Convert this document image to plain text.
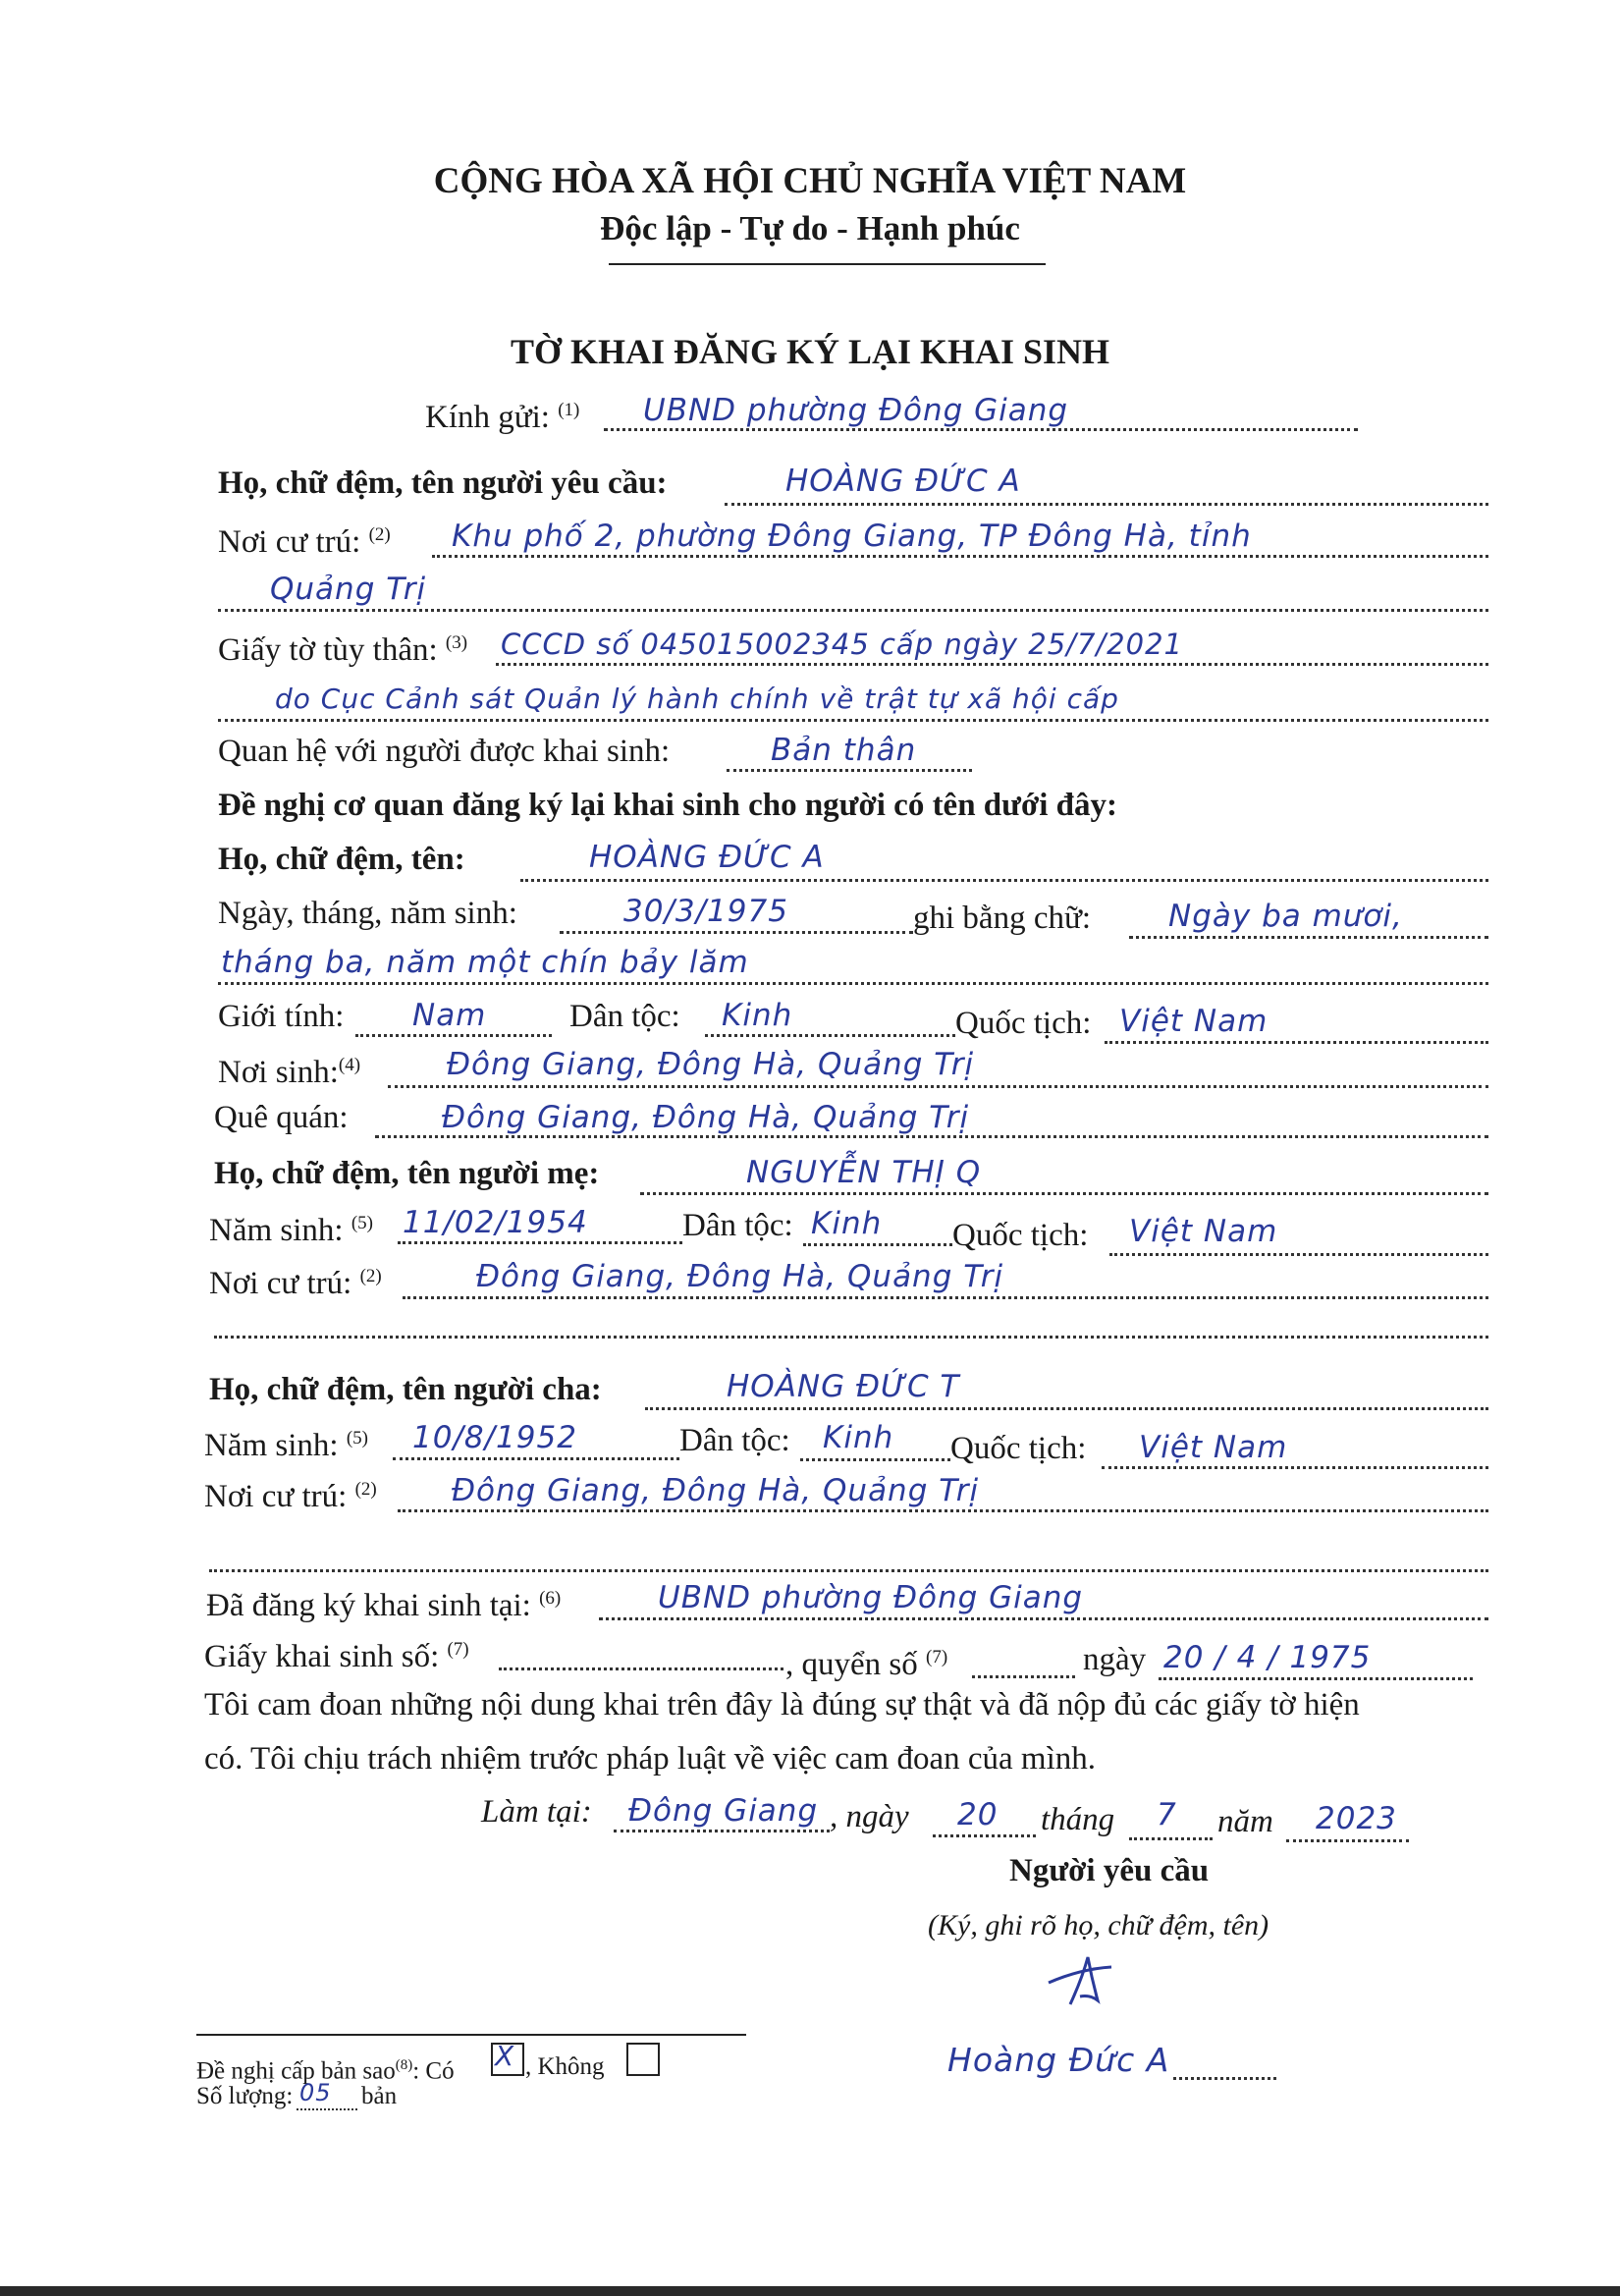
CỘNG HÒA XÃ HỘI CHỦ NGHĨA VIỆT NAM
Độc lập - Tự do - Hạnh phúc
TỜ KHAI ĐĂNG KÝ LẠI KHAI SINH
Kính gửi: $^{(1)}$ UBND phường Đông Giang
Họ, chữ đệm, tên người yêu cầu:	HOÀNG ĐỨC A
Nơi cư trú: $^{(2)}$ Khu phố 2, phường Đông Giang, TP Đông Hà, tỉnh
Quảng Trị
Giấy tờ tùy thân: $^{(3)}$ CCCD số 045015002345 cấp ngày 25/7/2021
do Cục Cảnh sát Quản lý hành chính về trật tự xã hội cấp
Quan hệ với người được khai sinh:	Bản thân
Đề nghị cơ quan đăng ký lại khai sinh cho người có tên dưới đây:
Họ, chữ đệm, tên:	HOÀNG ĐỨC A
Ngày, tháng, năm sinh:	30/3/1975	ghi bằng chữ:	Ngày ba mươi,
tháng ba, năm một chín bảy lăm
Giới tính: Nam	Dân tộc: Kinh	Quốc tịch: Việt Nam
Nơi sinh:$^{(4)}$	Đông Giang, Đông Hà, Quảng Trị
Quê quán:	Đông Giang, Đông Hà, Quảng Trị
Họ, chữ đệm, tên người mẹ:	NGUYỄN THỊ Q
Năm sinh: $^{(5)}$ 11/02/1954	Dân tộc: Kinh Quốc tịch: Việt Nam
Nơi cư trú: $^{(2)}$	Đông Giang, Đông Hà, Quảng Trị
Họ, chữ đệm, tên người cha:	HOÀNG ĐỨC T
Năm sinh: $^{(5)}$ 10/8/1952	Dân tộc: Kinh Quốc tịch: Việt Nam
Nơi cư trú: $^{(2)}$ Đông Giang, Đông Hà, Quảng Trị
Đã đăng ký khai sinh tại: $^{(6)}$	UBND phường Đông Giang
Giấy khai sinh số: $^{(7)}$	, quyển số $^{(7)}$	ngày 20 / 4 / 1975
Tôi cam đoan những nội dung khai trên đây là đúng sự thật và đã nộp đủ các giấy tờ hiện
có. Tôi chịu trách nhiệm trước pháp luật về việc cam đoan của mình.
Làm tại: Đông Giang , ngày 20 tháng 7 năm 2023
Người yêu cầu
(Ký, ghi rõ họ, chữ đệm, tên)
Hoàng Đức A
Đề nghị cấp bản sao$^{(8)}$: Có X , Không
Số lượng: 05 bản
